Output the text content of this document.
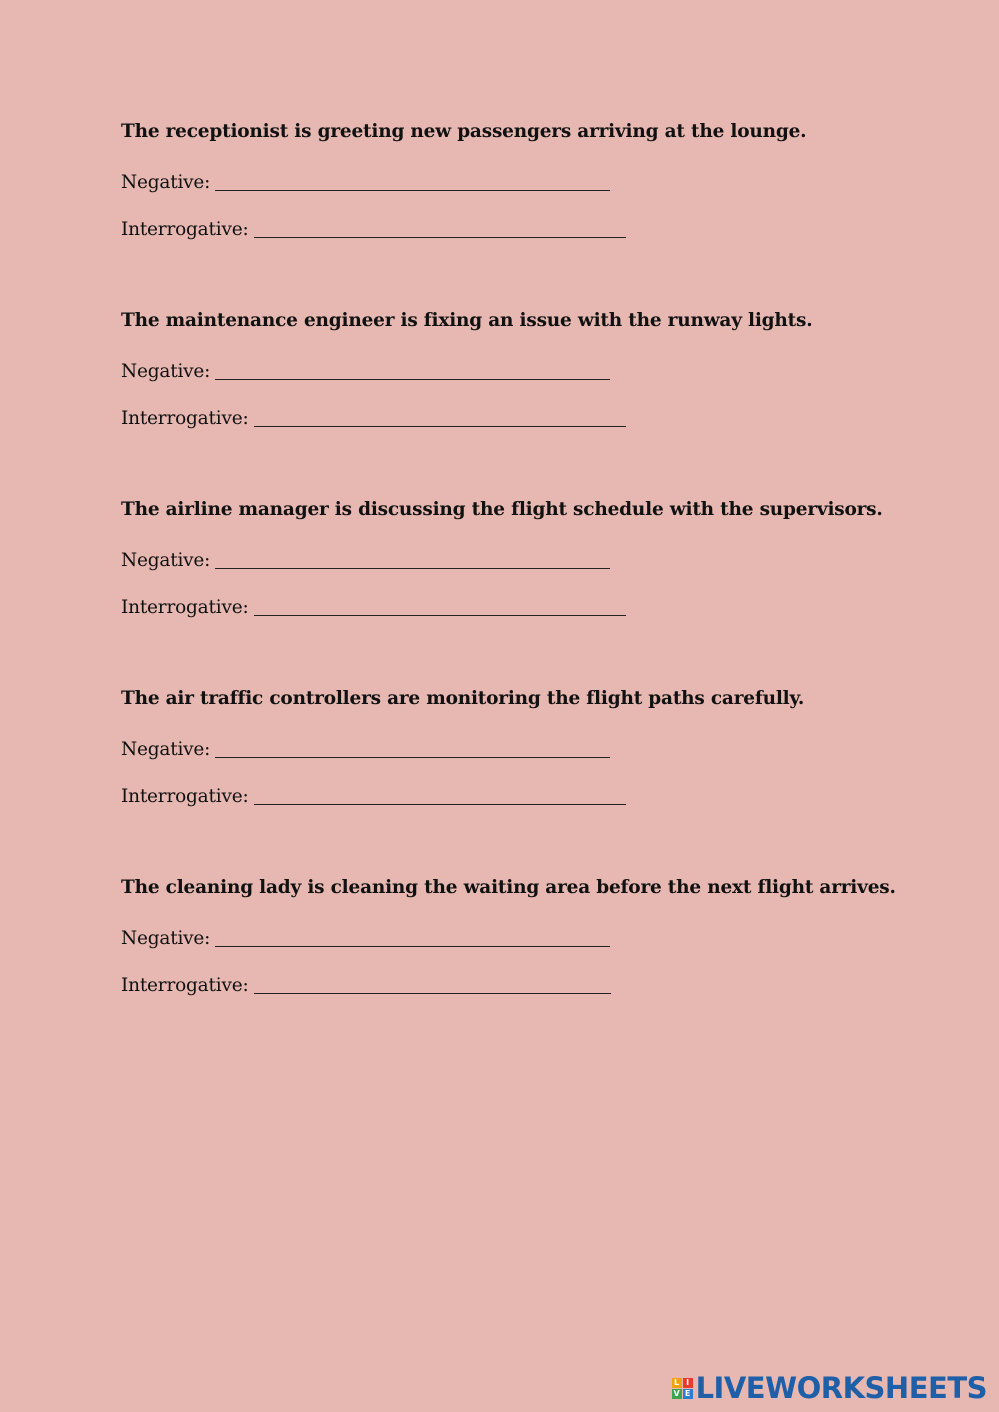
The receptionist is greeting new passengers arriving at the lounge.
Negative:
Interrogative:
The maintenance engineer is fixing an issue with the runway lights.
Negative:
Interrogative:
The airline manager is discussing the flight schedule with the supervisors.
Negative:
Interrogative:
The air traffic controllers are monitoring the flight paths carefully.
Negative:
Interrogative:
The cleaning lady is cleaning the waiting area before the next flight arrives.
Negative:
Interrogative:
L I
V E LIVEWORKSHEETS
